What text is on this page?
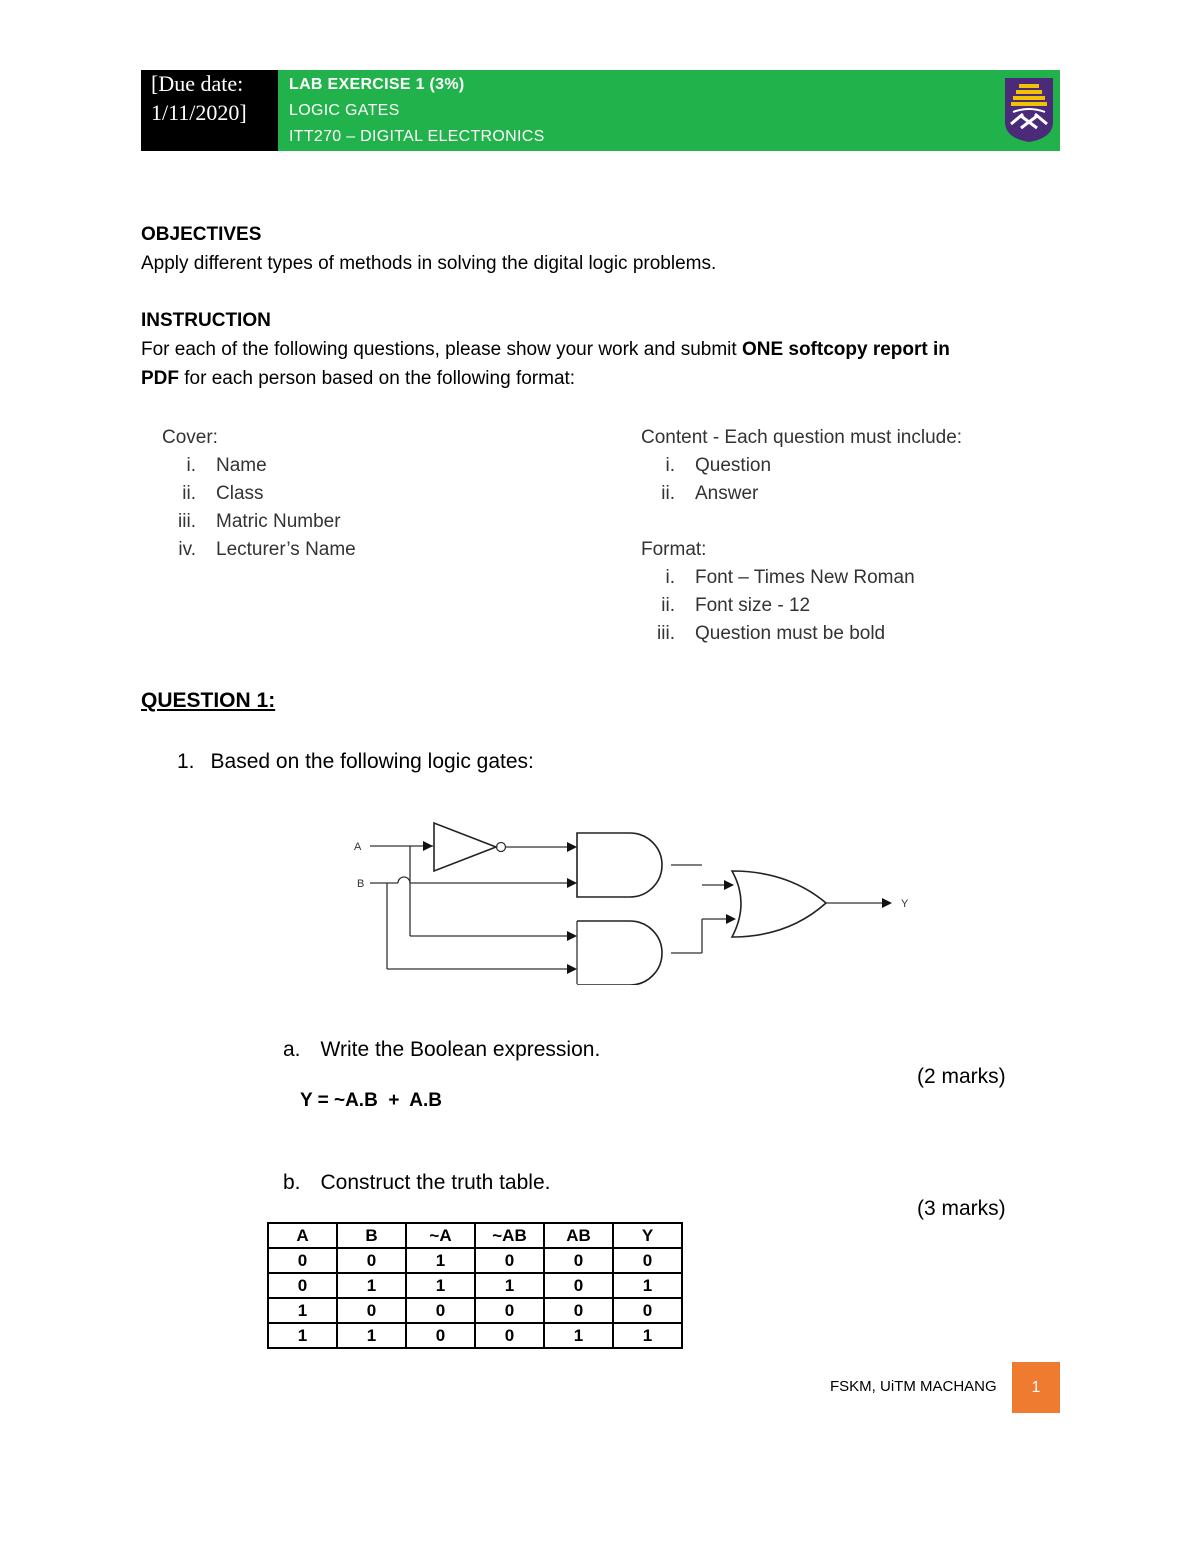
[Due date:
1/11/2020]
LAB EXERCISE 1 (3%)
LOGIC GATES
ITT270 – DIGITAL ELECTRONICS
OBJECTIVES
Apply different types of methods in solving the digital logic problems.
INSTRUCTION
For each of the following questions, please show your work and submit ONE softcopy report in
PDF for each person based on the following format:
Cover:
i. Name
ii. Class
iii. Matric Number
iv. Lecturer’s Name
Content - Each question must include:
i. Question
ii. Answer
Format:
i. Font – Times New Roman
ii. Font size - 12
iii. Question must be bold
QUESTION 1:
1. Based on the following logic gates:
A
B
Y
a. Write the Boolean expression.
(2 marks)
Y = ~A.B  +  A.B
b. Construct the truth table.
(3 marks)
A	B	~A	~AB	AB	Y
0	0	1	0	0	0
0	1	1	1	0	1
1	0	0	0	0	0
1	1	0	0	1	1
FSKM, UiTM MACHANG	1
